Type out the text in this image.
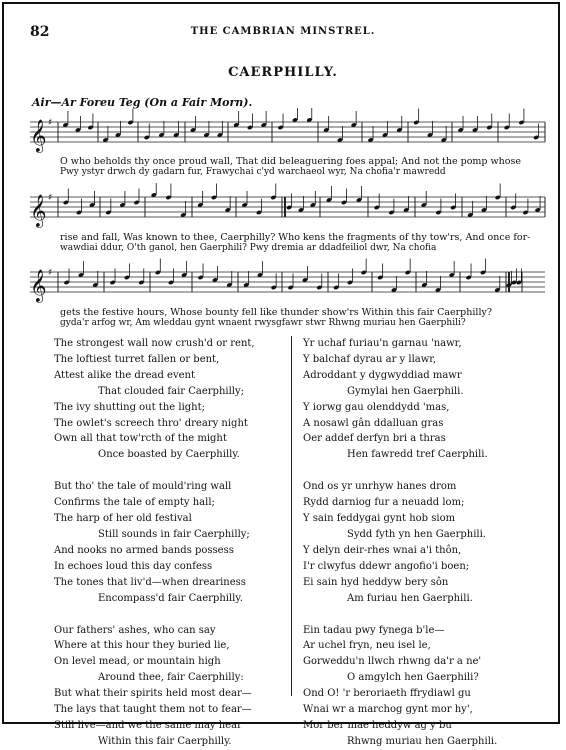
82	THE CAMBRIAN MINSTREL.
CAERPHILLY.
Air—Ar Foreu Teg (On a Fair Morn).
𝄞 ♯
O who beholds thy once proud wall, That did beleaguering foes appal; And not the pomp whose
Pwy ystyr drwch dy gadarn fur, Frawychai c'yd warchaeol wyr, Na chofia'r mawredd
𝄞 ♯
rise and fall, Was known to thee, Caerphilly? Who kens the fragments of thy tow'rs, And once for-
wawdiai ddur, O'th ganol, hen Gaerphili? Pwy dremia ar ddadfeiliol dwr, Na chofia
𝄞 ♯
gets the festive hours, Whose bounty fell like thunder show'rs Within this fair Caerphilly?
gyda'r arfog wr, Am wleddau gynt wnaent rwysgfawr stwr Rhwng muriau hen Gaerphili?
The strongest wall now crush'd or rent,
The loftiest turret fallen or bent,
Attest alike the dread event
That clouded fair Caerphilly;
The ivy shutting out the light;
The owlet's screech thro' dreary night
Own all that tow'rcth of the might
Once boasted by Caerphilly.
But tho' the tale of mould'ring wall
Confirms the tale of empty hall;
The harp of her old festival
Still sounds in fair Caerphilly;
And nooks no armed bands possess
In echoes loud this day confess
The tones that liv'd—when dreariness
Encompass'd fair Caerphilly.
Our fathers' ashes, who can say
Where at this hour they buried lie,
On level mead, or mountain high
Around thee, fair Caerphilly:
But what their spirits held most dear—
The lays that taught them not to fear—
Still live—and we the same may hear
Within this fair Caerphilly.
Yr uchaf furiau'n garnau 'nawr,
Y balchaf dyrau ar y llawr,
Adroddant y dygwyddiad mawr
Gymylai hen Gaerphili.
Y iorwg gau olenddydd 'mas,
A nosawl gân ddalluan gras
Oer addef derfyn bri a thras
Hen fawredd tref Caerphili.
Ond os yr unrhyw hanes drom
Rydd darniog fur a neuadd lom;
Y sain feddygai gynt hob siom
Sydd fyth yn hen Gaerphili.
Y delyn deir-rhes wnai a'i thôn,
I'r clwyfus ddewr angofio'i boen;
Ei sain hyd heddyw bery sôn
Am furiau hen Gaerphili.
Ein tadau pwy fynega b'le—
Ar uchel fryn, neu isel le,
Gorweddu'n llwch rhwng da'r a ne'
O amgylch hen Gaerphili?
Ond O! 'r beroriaeth ffrydiawl gu
Wnai wr a marchog gynt mor hy',
Mor ber mae heddyw ag y bu
Rhwng muriau hen Gaerphili.
